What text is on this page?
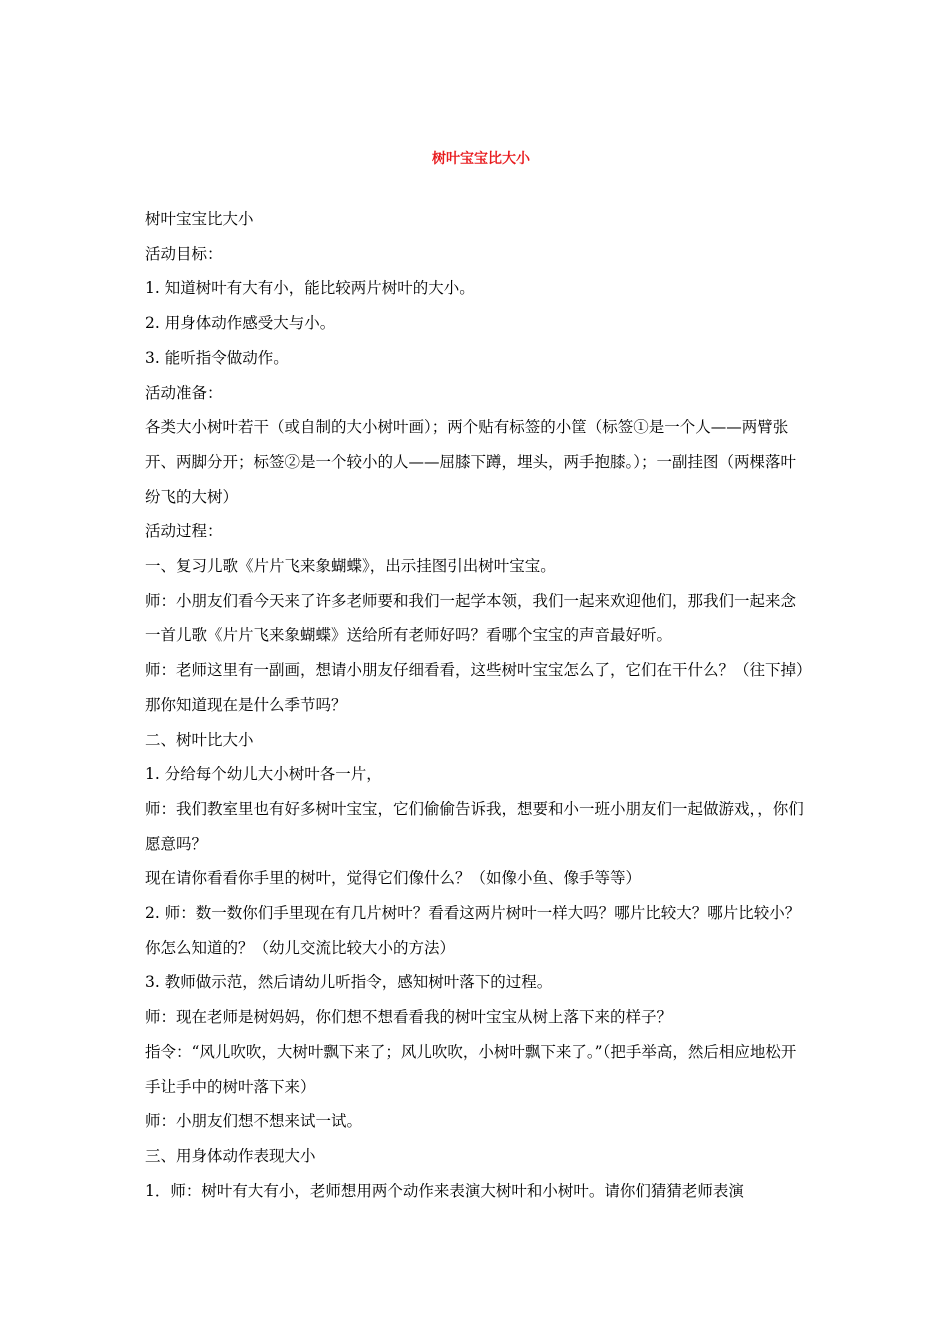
树叶宝宝比大小

树叶宝宝比大小

活动目标：

1. 知道树叶有大有小，能比较两片树叶的大小。

2. 用身体动作感受大与小。

3. 能听指令做动作。

活动准备：

各类大小树叶若干（或自制的大小树叶画）；两个贴有标签的小筐（标签①是一个人——两臂张开、两脚分开；标签②是一个较小的人——屈膝下蹲，埋头，两手抱膝。）；一副挂图（两棵落叶纷飞的大树）

活动过程：

一、复习儿歌《片片飞来象蝴蝶》，出示挂图引出树叶宝宝。

师：小朋友们看今天来了许多老师要和我们一起学本领，我们一起来欢迎他们，那我们一起来念一首儿歌《片片飞来象蝴蝶》送给所有老师好吗？看哪个宝宝的声音最好听。

师：老师这里有一副画，想请小朋友仔细看看，这些树叶宝宝怎么了，它们在干什么？（往下掉）那你知道现在是什么季节吗？

二、树叶比大小

1. 分给每个幼儿大小树叶各一片，

师：我们教室里也有好多树叶宝宝，它们偷偷告诉我，想要和小一班小朋友们一起做游戏，，你们愿意吗？

现在请你看看你手里的树叶，觉得它们像什么？（如像小鱼、像手等等）

2. 师：数一数你们手里现在有几片树叶？看看这两片树叶一样大吗？哪片比较大？哪片比较小？你怎么知道的？（幼儿交流比较大小的方法）

3. 教师做示范，然后请幼儿听指令，感知树叶落下的过程。

师：现在老师是树妈妈，你们想不想看看我的树叶宝宝从树上落下来的样子？

指令：“风儿吹吹，大树叶飘下来了；风儿吹吹，小树叶飘下来了。”（把手举高，然后相应地松开手让手中的树叶落下来）

师：小朋友们想不想来试一试。

三、用身体动作表现大小

1．师：树叶有大有小，老师想用两个动作来表演大树叶和小树叶。请你们猜猜老师表演
